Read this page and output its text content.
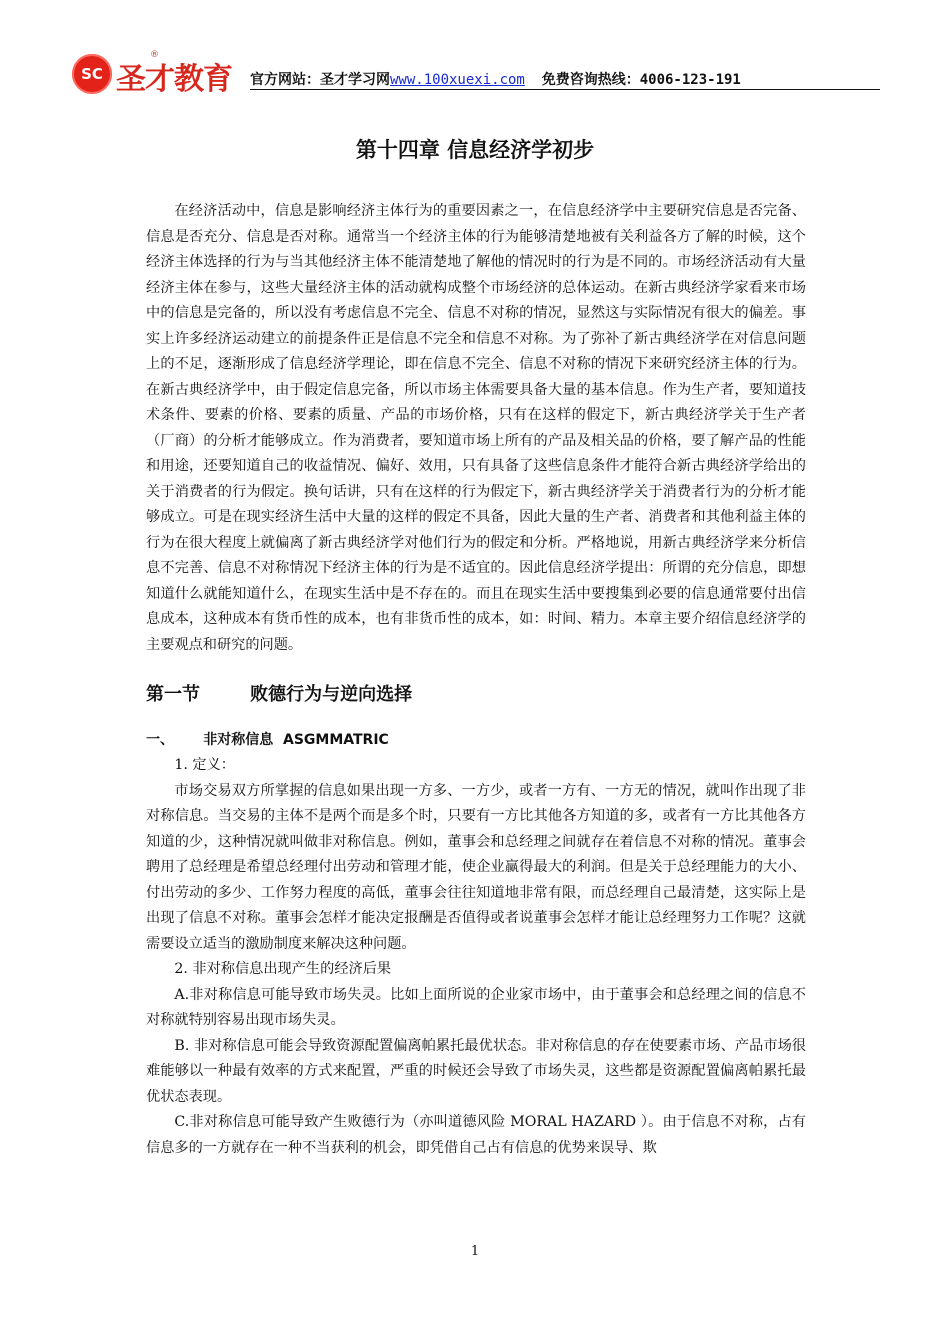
SC 圣才教育
®
官方网站：圣才学习网www.100xuexi.com 免费咨询热线：4006-123-191
第十四章 信息经济学初步

在经济活动中，信息是影响经济主体行为的重要因素之一，在信息经济学中主要研究信息是否完备、信息是否充分、信息是否对称。通常当一个经济主体的行为能够清楚地被有关利益各方了解的时候，这个经济主体选择的行为与当其他经济主体不能清楚地了解他的情况时的行为是不同的。市场经济活动有大量经济主体在参与，这些大量经济主体的活动就构成整个市场经济的总体运动。在新古典经济学家看来市场中的信息是完备的，所以没有考虑信息不完全、信息不对称的情况，显然这与实际情况有很大的偏差。事实上许多经济运动建立的前提条件正是信息不完全和信息不对称。为了弥补了新古典经济学在对信息问题上的不足，逐渐形成了信息经济学理论，即在信息不完全、信息不对称的情况下来研究经济主体的行为。在新古典经济学中，由于假定信息完备，所以市场主体需要具备大量的基本信息。作为生产者，要知道技术条件、要素的价格、要素的质量、产品的市场价格，只有在这样的假定下，新古典经济学关于生产者（厂商）的分析才能够成立。作为消费者，要知道市场上所有的产品及相关品的价格，要了解产品的性能和用途，还要知道自己的收益情况、偏好、效用，只有具备了这些信息条件才能符合新古典经济学给出的关于消费者的行为假定。换句话讲，只有在这样的行为假定下，新古典经济学关于消费者行为的分析才能够成立。可是在现实经济生活中大量的这样的假定不具备，因此大量的生产者、消费者和其他利益主体的行为在很大程度上就偏离了新古典经济学对他们行为的假定和分析。严格地说，用新古典经济学来分析信息不完善、信息不对称情况下经济主体的行为是不适宜的。因此信息经济学提出：所谓的充分信息，即想知道什么就能知道什么，在现实生活中是不存在的。而且在现实生活中要搜集到必要的信息通常要付出信息成本，这种成本有货币性的成本，也有非货币性的成本，如：时间、精力。本章主要介绍信息经济学的主要观点和研究的问题。

第一节        败德行为与逆向选择

一、      非对称信息  ASGMMATRIC

1. 定义：

市场交易双方所掌握的信息如果出现一方多、一方少，或者一方有、一方无的情况，就叫作出现了非对称信息。当交易的主体不是两个而是多个时，只要有一方比其他各方知道的多，或者有一方比其他各方知道的少，这种情况就叫做非对称信息。例如，董事会和总经理之间就存在着信息不对称的情况。董事会聘用了总经理是希望总经理付出劳动和管理才能，使企业赢得最大的利润。但是关于总经理能力的大小、付出劳动的多少、工作努力程度的高低，董事会往往知道地非常有限，而总经理自己最清楚，这实际上是出现了信息不对称。董事会怎样才能决定报酬是否值得或者说董事会怎样才能让总经理努力工作呢？这就需要设立适当的激励制度来解决这种问题。

2. 非对称信息出现产生的经济后果

A.非对称信息可能导致市场失灵。比如上面所说的企业家市场中，由于董事会和总经理之间的信息不对称就特别容易出现市场失灵。

B. 非对称信息可能会导致资源配置偏离帕累托最优状态。非对称信息的存在使要素市场、产品市场很难能够以一种最有效率的方式来配置，严重的时候还会导致了市场失灵，这些都是资源配置偏离帕累托最优状态表现。

C.非对称信息可能导致产生败德行为（亦叫道德风险 MORAL HAZARD ）。由于信息不对称，占有信息多的一方就存在一种不当获利的机会，即凭借自己占有信息的优势来误导、欺

1
